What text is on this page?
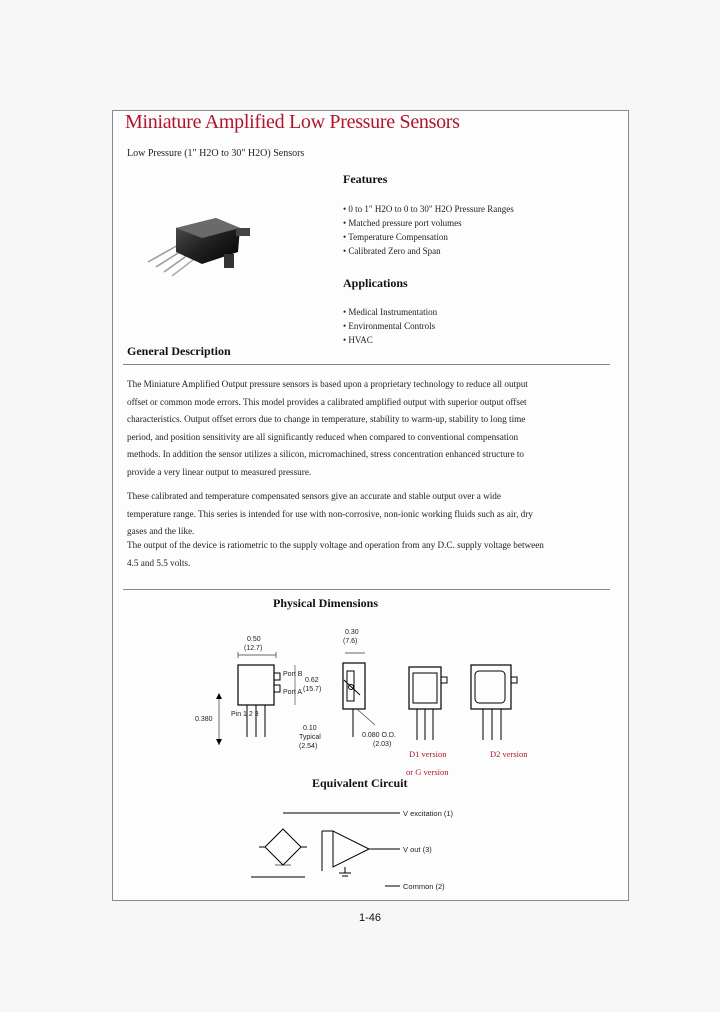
Miniature Amplified Low Pressure Sensors
Low Pressure (1" H2O to 30" H2O) Sensors
Features
• 0 to 1" H2O to 0 to 30" H2O Pressure Ranges
• Matched pressure port volumes
• Temperature Compensation
• Calibrated Zero and Span
Applications
• Medical Instrumentation
• Environmental Controls
• HVAC
General Description
The Miniature Amplified Output pressure sensors is based upon a proprietary technology to reduce all output offset or common mode errors. This model provides a calibrated amplified output with superior output offset characteristics. Output offset errors due to change in temperature, stability to warm-up, stability to long time period, and position sensitivity are all significantly reduced when compared to conventional compensation methods. In addition the sensor utilizes a silicon, micromachined, stress concentration enhanced structure to provide a very linear output to measured pressure.
These calibrated and temperature compensated sensors give an accurate and stable output over a wide temperature range. This series is intended for use with non-corrosive, non-ionic working fluids such as air, dry gases and the like.
The output of the device is ratiometric to the supply voltage and operation from any D.C. supply voltage between 4.5 and 5.5 volts.
Physical Dimensions
0.50
(12.7)
0.30
(7.6)
Port B
0.62
(15.7)
Port A
Pin 1 2 3
0.380
0.10
Typical
(2.54)
0.080 O.D.
(2.03)
D1 version
or G version
D2 version
Equivalent Circuit
V excitation (1)
V out (3)
Common (2)
1-46
